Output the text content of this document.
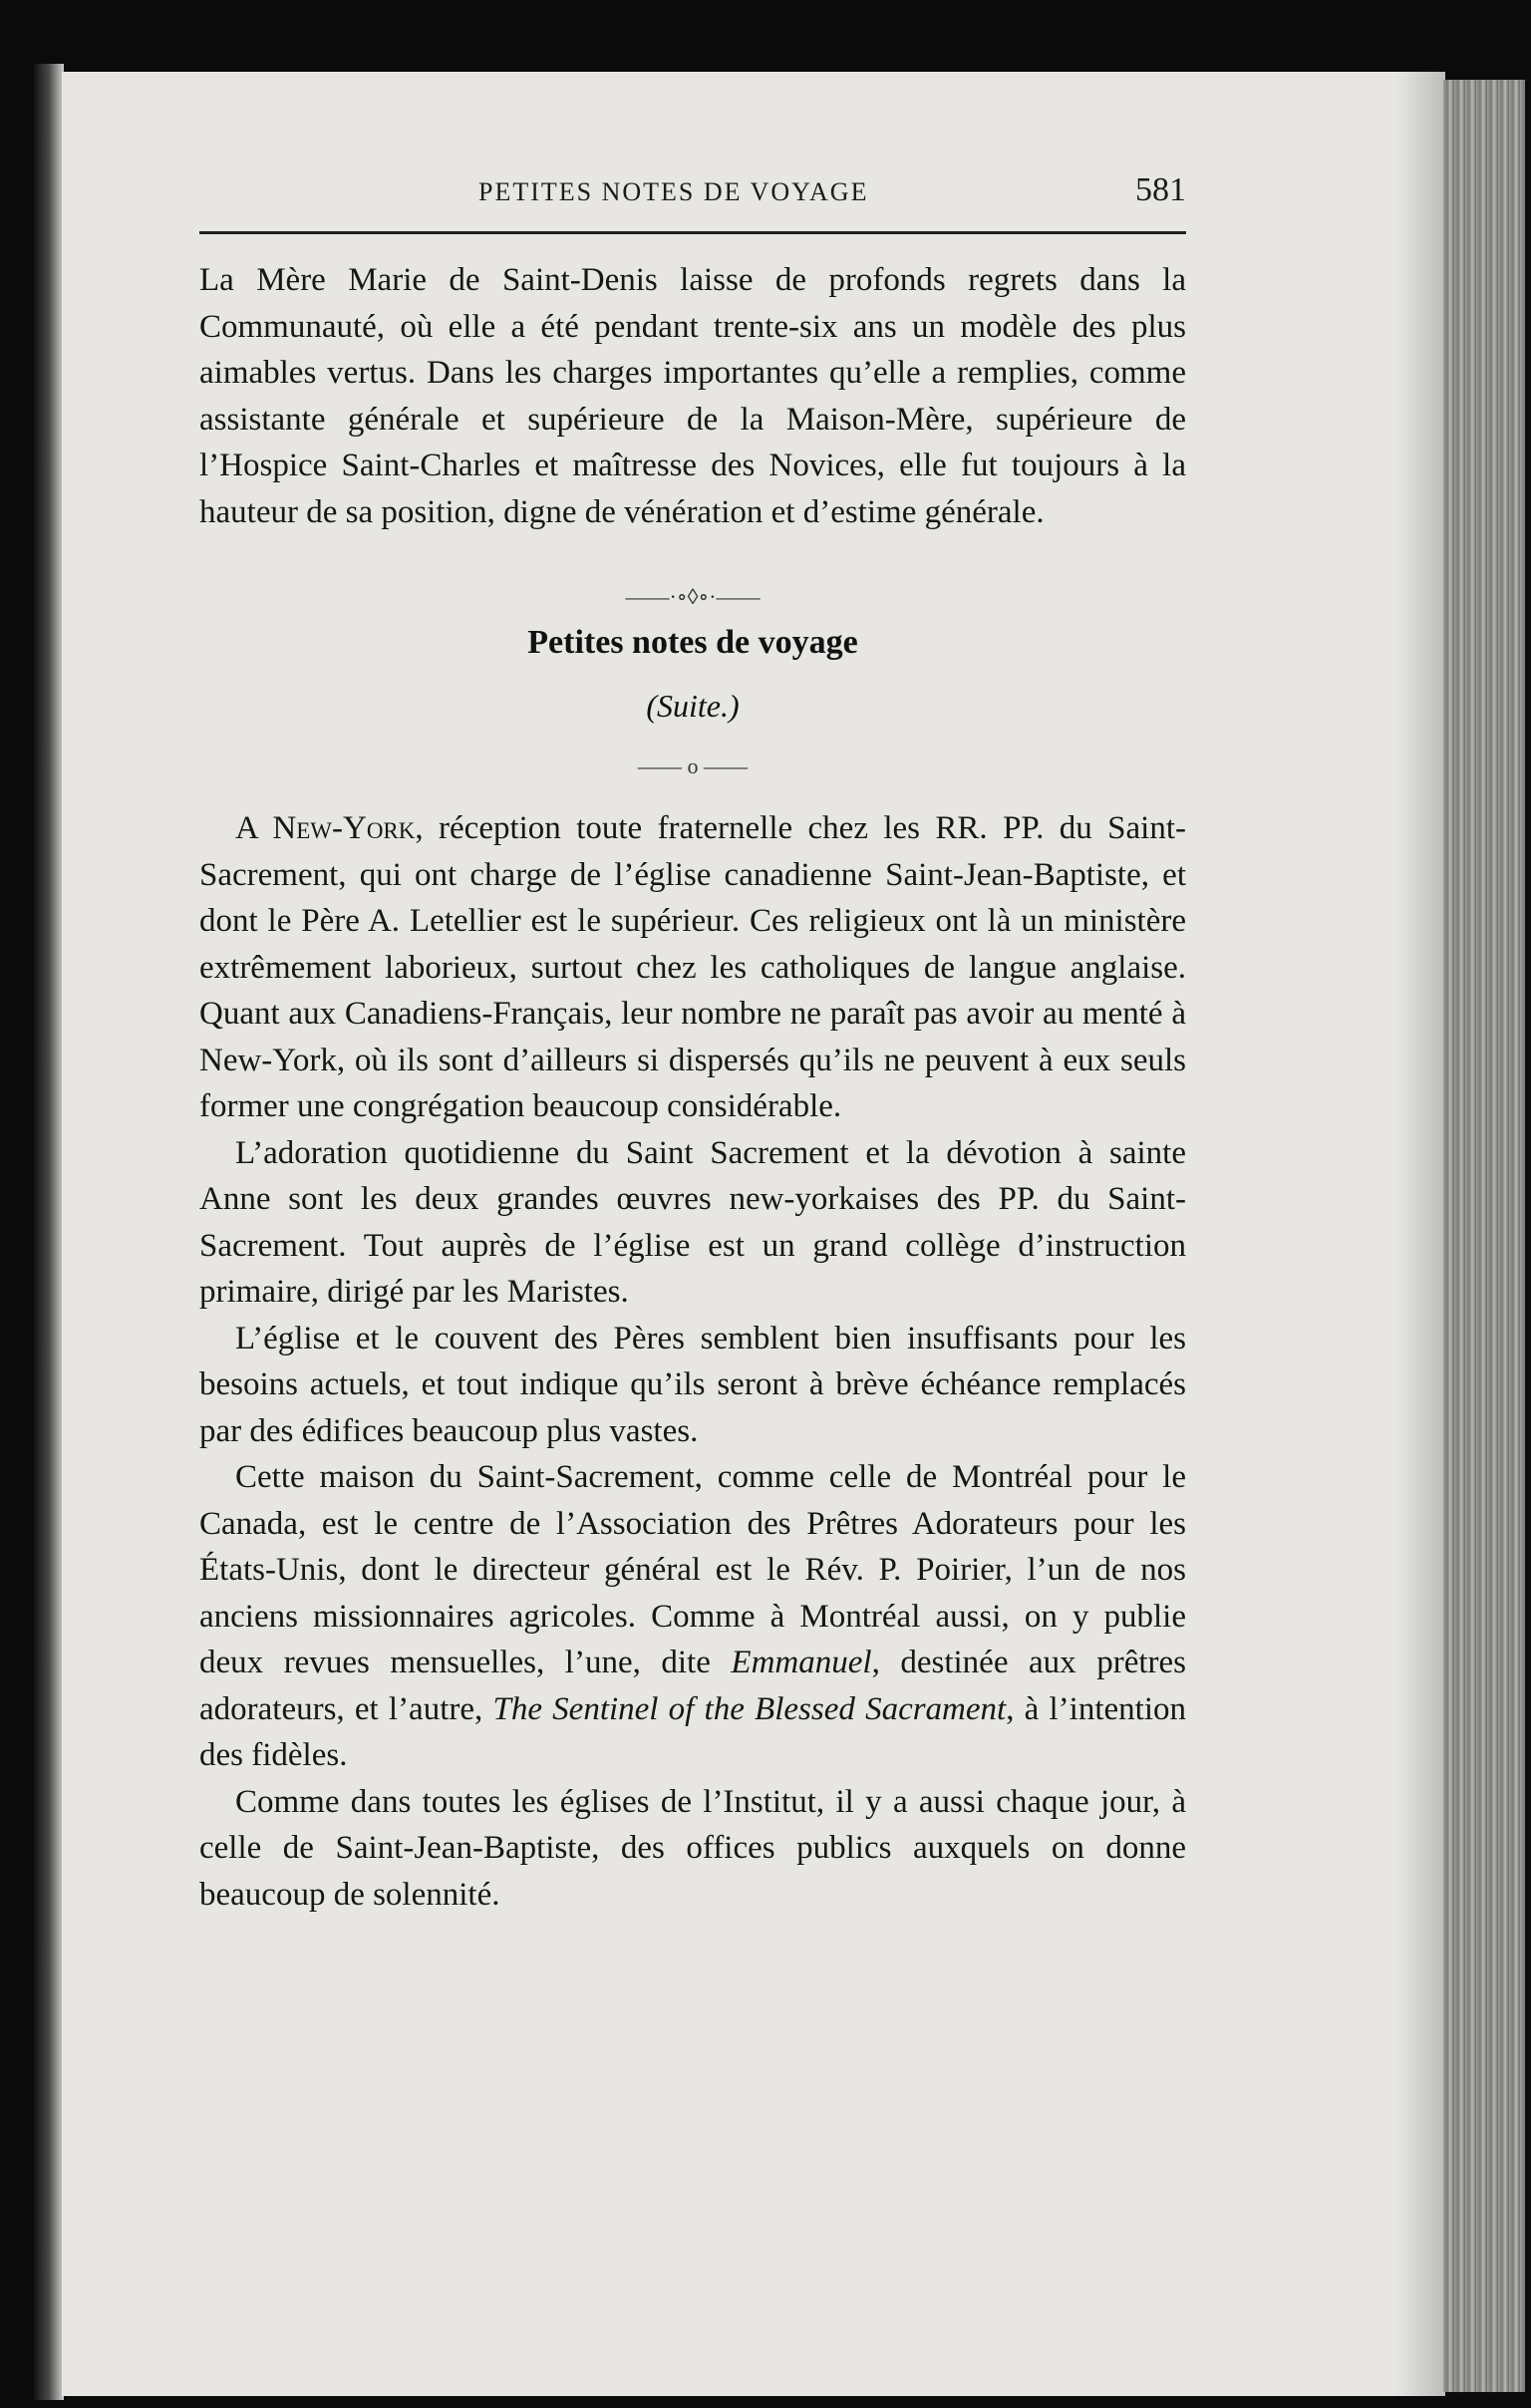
PETITES NOTES DE VOYAGE	581

La Mère Marie de Saint-Denis laisse de profonds regrets dans la Communauté, où elle a été pendant trente-six ans un modèle des plus aimables vertus. Dans les charges importantes qu’elle a remplies, comme assistante générale et supérieure de la Maison-Mère, supérieure de l’Hospice Saint-Charles et maîtresse des Novices, elle fut toujours à la hauteur de sa position, digne de vénération et d’estime générale.

——·∘◊∘·——
Petites notes de voyage
(Suite.)
—— o ——

A New-York, réception toute fraternelle chez les RR. PP. du Saint-Sacrement, qui ont charge de l’église canadienne Saint-Jean-Baptiste, et dont le Père A. Letellier est le supérieur. Ces religieux ont là un ministère extrêmement laborieux, surtout chez les catholiques de langue anglaise. Quant aux Canadiens-Français, leur nombre ne paraît pas avoir au menté à New-York, où ils sont d’ailleurs si dispersés qu’ils ne peuvent à eux seuls former une congrégation beaucoup considérable.

L’adoration quotidienne du Saint Sacrement et la dévotion à sainte Anne sont les deux grandes œuvres new-yorkaises des PP. du Saint-Sacrement. Tout auprès de l’église est un grand collège d’instruction primaire, dirigé par les Maristes.

L’église et le couvent des Pères semblent bien insuffisants pour les besoins actuels, et tout indique qu’ils seront à brève échéance remplacés par des édifices beaucoup plus vastes.

Cette maison du Saint-Sacrement, comme celle de Montréal pour le Canada, est le centre de l’Association des Prêtres Adorateurs pour les États-Unis, dont le directeur général est le Rév. P. Poirier, l’un de nos anciens missionnaires agricoles. Comme à Montréal aussi, on y publie deux revues mensuelles, l’une, dite Emmanuel, destinée aux prêtres adorateurs, et l’autre, The Sentinel of the Blessed Sacrament, à l’intention des fidèles.

Comme dans toutes les églises de l’Institut, il y a aussi chaque jour, à celle de Saint-Jean-Baptiste, des offices publics auxquels on donne beaucoup de solennité.
